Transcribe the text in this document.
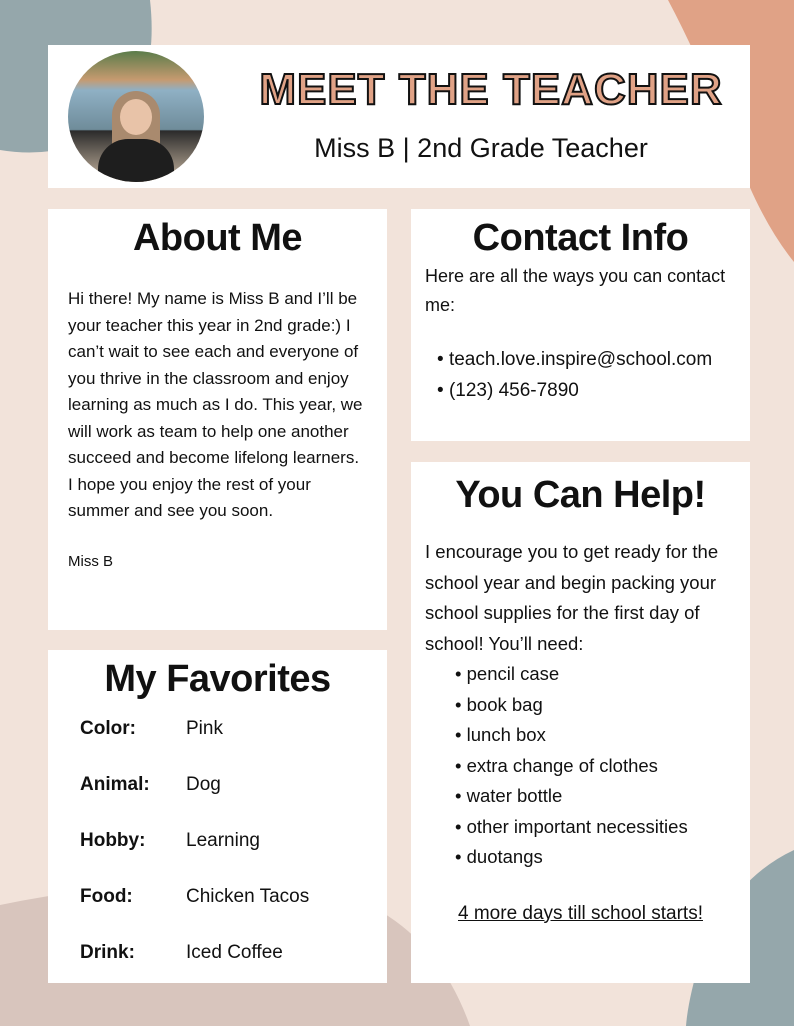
MEET THE TEACHER
Miss B | 2nd Grade Teacher
About Me

Hi there! My name is Miss B and I’ll be your teacher this year in 2nd grade:) I can’t wait to see each and everyone of you thrive in the classroom and enjoy learning as much as I do. This year, we will work as team to help one another succeed and become lifelong learners. I hope you enjoy the rest of your summer and see you soon.

Miss B

Contact Info

Here are all the ways you can contact me:

• teach.love.inspire@school.com
• (123) 456-7890
You Can Help!

I encourage you to get ready for the school year and begin packing your school supplies for the first day of school! You’ll need:

• pencil case
• book bag
• lunch box
• extra change of clothes
• water bottle
• other important necessities
• duotangs

4 more days till school starts!

My Favorites
Color:	Pink
Animal:	Dog
Hobby:	Learning
Food:	Chicken Tacos
Drink:	Iced Coffee
